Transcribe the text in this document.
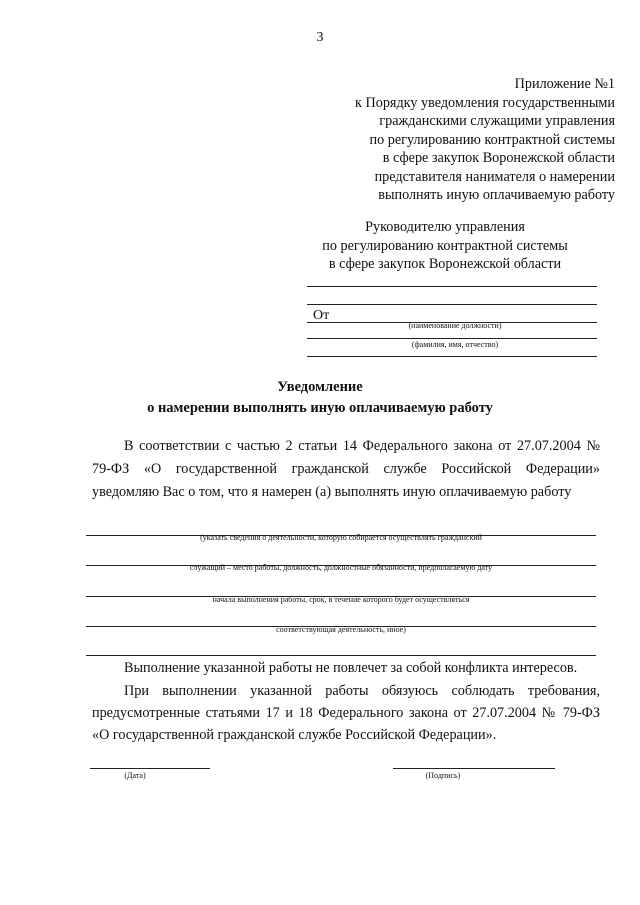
3
Приложение №1
к Порядку уведомления государственными
гражданскими служащими управления
по регулированию контрактной системы
в сфере закупок Воронежской области
представителя нанимателя о намерении
выполнять иную оплачиваемую работу
Руководителю управления
по регулированию контрактной системы
в сфере закупок Воронежской области
От
(наименование должности)
(фамилия, имя, отчество)
Уведомление
о намерении выполнять иную оплачиваемую работу
В соответствии с частью 2 статьи 14 Федерального закона от 27.07.2004 №
79-ФЗ «О государственной гражданской службе Российской Федерации»
уведомляю Вас о том, что я намерен (а) выполнять иную оплачиваемую работу
(указать сведения о деятельности, которую собирается осуществлять гражданский
служащий – место работы, должность, должностные обязанности, предполагаемую дату
начала выполнения работы, срок, в течение которого будет осуществляться
соответствующая деятельность, иное)
Выполнение указанной работы не повлечет за собой конфликта интересов.
При выполнении указанной работы обязуюсь соблюдать требования,
предусмотренные статьями 17 и 18 Федерального закона от 27.07.2004 № 79-ФЗ
«О государственной гражданской службе Российской Федерации».
(Дата)	(Подпись)
